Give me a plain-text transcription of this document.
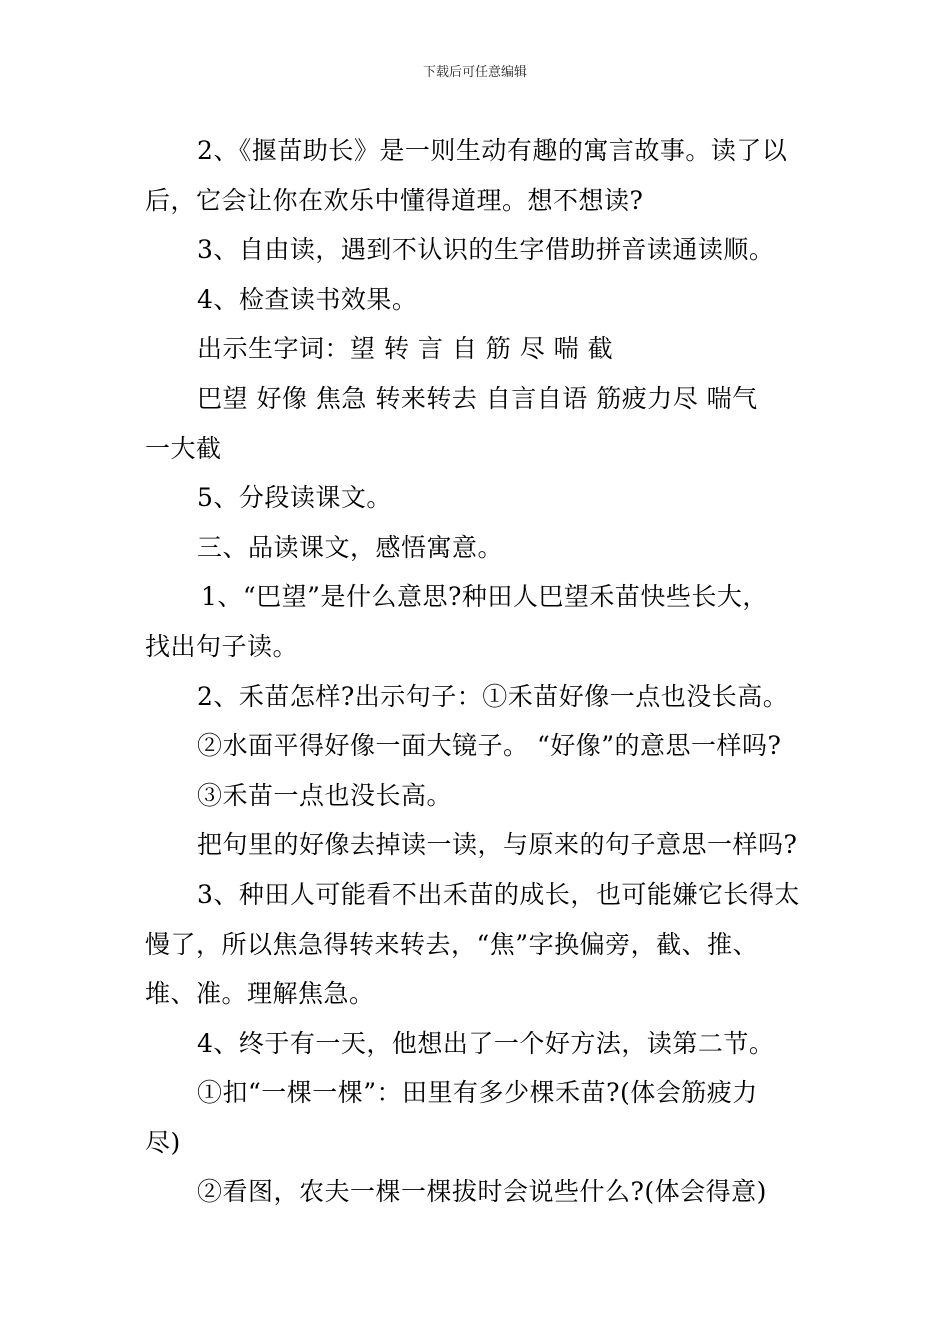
下载后可任意编辑

2、《揠苗助长》是一则生动有趣的寓言故事。读了以

后，它会让你在欢乐中懂得道理。想不想读?

3、自由读，遇到不认识的生字借助拼音读通读顺。

4、检查读书效果。

出示生字词：望 转 言 自 筋 尽 喘 截

巴望 好像 焦急 转来转去 自言自语 筋疲力尽 喘气

一大截

5、分段读课文。

三、品读课文，感悟寓意。

1、“巴望”是什么意思?种田人巴望禾苗快些长大，

找出句子读。

2、禾苗怎样?出示句子：①禾苗好像一点也没长高。

②水面平得好像一面大镜子。 “好像”的意思一样吗?

③禾苗一点也没长高。

把句里的好像去掉读一读，与原来的句子意思一样吗?

3、种田人可能看不出禾苗的成长，也可能嫌它长得太

慢了，所以焦急得转来转去，“焦”字换偏旁，截、推、

堆、准。理解焦急。

4、终于有一天，他想出了一个好方法，读第二节。

①扣“一棵一棵”：田里有多少棵禾苗?(体会筋疲力

尽)

②看图，农夫一棵一棵拔时会说些什么?(体会得意)
